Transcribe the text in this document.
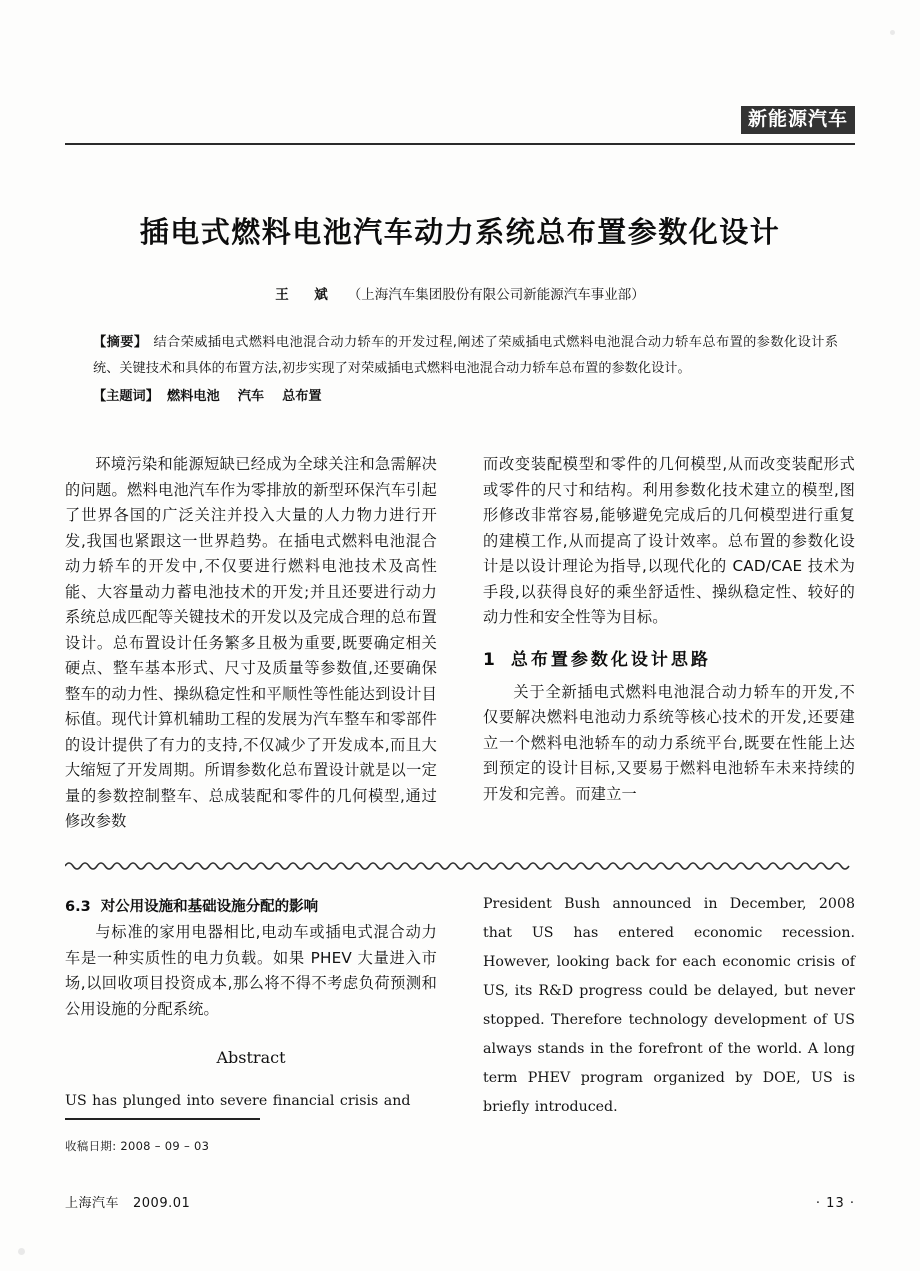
新能源汽车
插电式燃料电池汽车动力系统总布置参数化设计
王　斌 （上海汽车集团股份有限公司新能源汽车事业部）

【摘要】 结合荣威插电式燃料电池混合动力轿车的开发过程,阐述了荣威插电式燃料电池混合动力轿车总布置的参数化设计系统、关键技术和具体的布置方法,初步实现了对荣威插电式燃料电池混合动力轿车总布置的参数化设计。

【主题词】 燃料电池 汽车 总布置

环境污染和能源短缺已经成为全球关注和急需解决的问题。燃料电池汽车作为零排放的新型环保汽车引起了世界各国的广泛关注并投入大量的人力物力进行开发,我国也紧跟这一世界趋势。在插电式燃料电池混合动力轿车的开发中,不仅要进行燃料电池技术及高性能、大容量动力蓄电池技术的开发;并且还要进行动力系统总成匹配等关键技术的开发以及完成合理的总布置设计。总布置设计任务繁多且极为重要,既要确定相关硬点、整车基本形式、尺寸及质量等参数值,还要确保整车的动力性、操纵稳定性和平顺性等性能达到设计目标值。现代计算机辅助工程的发展为汽车整车和零部件的设计提供了有力的支持,不仅减少了开发成本,而且大大缩短了开发周期。所谓参数化总布置设计就是以一定量的参数控制整车、总成装配和零件的几何模型,通过修改参数

而改变装配模型和零件的几何模型,从而改变装配形式或零件的尺寸和结构。利用参数化技术建立的模型,图形修改非常容易,能够避免完成后的几何模型进行重复的建模工作,从而提高了设计效率。总布置的参数化设计是以设计理论为指导,以现代化的 CAD/CAE 技术为手段,以获得良好的乘坐舒适性、操纵稳定性、较好的动力性和安全性等为目标。

1 总布置参数化设计思路

关于全新插电式燃料电池混合动力轿车的开发,不仅要解决燃料电池动力系统等核心技术的开发,还要建立一个燃料电池轿车的动力系统平台,既要在性能上达到预定的设计目标,又要易于燃料电池轿车未来持续的开发和完善。而建立一

6.3 对公用设施和基础设施分配的影响

与标准的家用电器相比,电动车或插电式混合动力车是一种实质性的电力负载。如果 PHEV 大量进入市场,以回收项目投资成本,那么将不得不考虑负荷预测和公用设施的分配系统。

Abstract

US has plunged into severe financial crisis and

President Bush announced in December, 2008 that US has entered economic recession. However, looking back for each economic crisis of US, its R&D progress could be delayed, but never stopped. Therefore technology development of US always stands in the forefront of the world. A long term PHEV program organized by DOE, US is briefly introduced.

收稿日期: 2008 – 09 – 03
上海汽车 2009.01	· 13 ·
